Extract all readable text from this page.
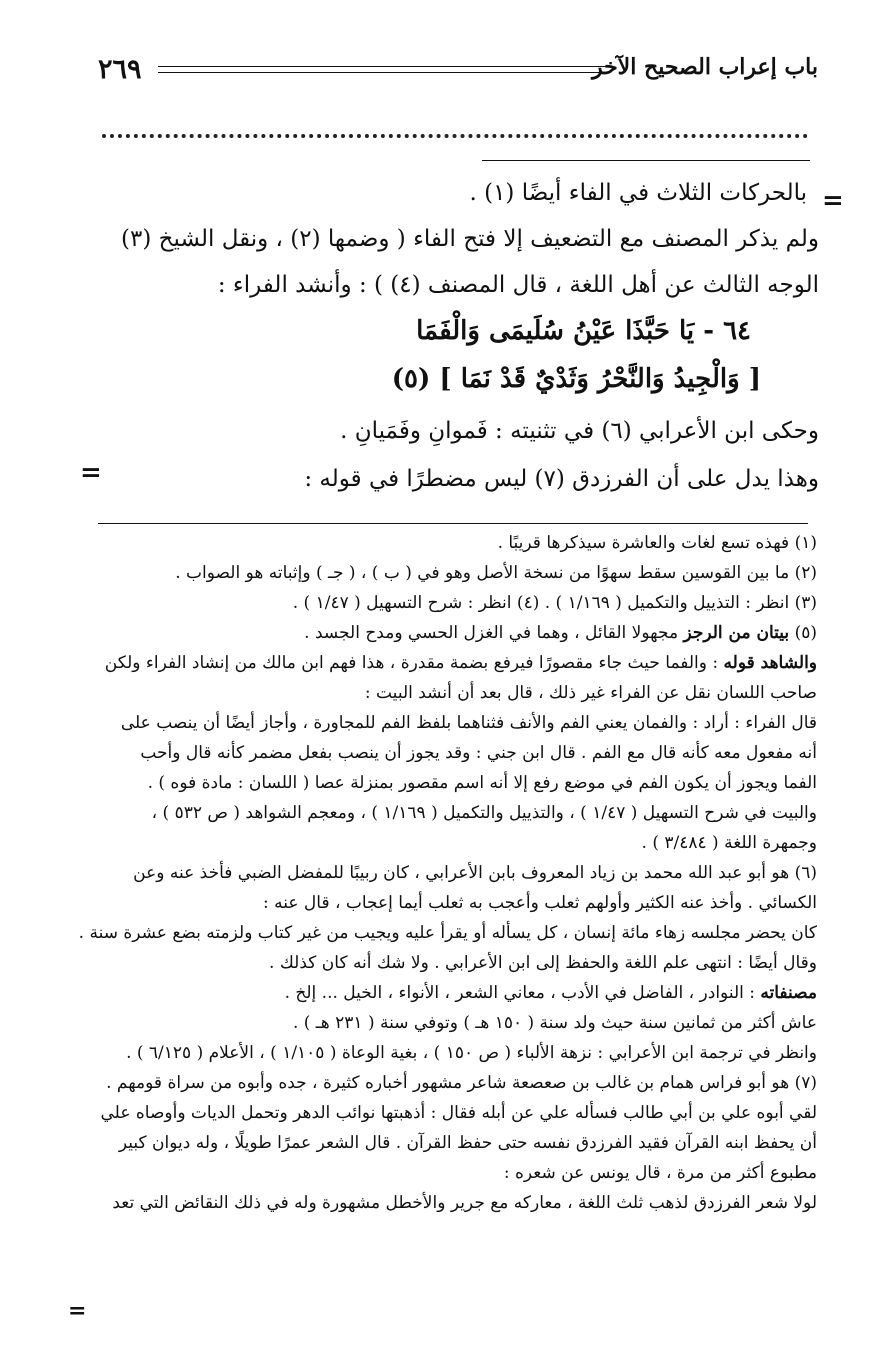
٢٦٩	باب إعراب الصحيح الآخر
=
بالحركات الثلاث في الفاء أيضًا (١) .
ولم يذكر المصنف مع التضعيف إلا فتح الفاء ( وضمها (٢) ، ونقل الشيخ (٣)
الوجه الثالث عن أهل اللغة ، قال المصنف (٤) ) : وأنشد الفراء :
٦٤ - يَا حَبَّذَا عَيْنُ سُلَيمَى وَالْفَمَا
[ وَالْجِيدُ وَالنَّحْرُ وَثَدْيٌ قَدْ نَمَا ] (٥)
وحكى ابن الأعرابي (٦) في تثنيته : فَموانِ وفَمَيانِ .
وهذا يدل على أن الفرزدق (٧) ليس مضطرًا في قوله :
=
(١) فهذه تسع لغات والعاشرة سيذكرها قريبًا .
(٢) ما بين القوسين سقط سهوًا من نسخة الأصل وهو في ( ب ) ، ( جـ ) وإثباته هو الصواب .
(٣) انظر : التذييل والتكميل ( ١/١٦٩ ) . (٤) انظر : شرح التسهيل ( ١/٤٧ ) .
(٥) بيتان من الرجز مجهولا القائل ، وهما في الغزل الحسي ومدح الجسد .
والشاهد قوله : والفما حيث جاء مقصورًا فيرفع بضمة مقدرة ، هذا فهم ابن مالك من إنشاد الفراء ولكن
صاحب اللسان نقل عن الفراء غير ذلك ، قال بعد أن أنشد البيت :
قال الفراء : أراد : والفمان يعني الفم والأنف فثناهما بلفظ الفم للمجاورة ، وأجاز أيضًا أن ينصب على
أنه مفعول معه كأنه قال مع الفم . قال ابن جني : وقد يجوز أن ينصب بفعل مضمر كأنه قال وأحب
الفما ويجوز أن يكون الفم في موضع رفع إلا أنه اسم مقصور بمنزلة عصا ( اللسان : مادة فوه ) .
والبيت في شرح التسهيل ( ١/٤٧ ) ، والتذييل والتكميل ( ١/١٦٩ ) ، ومعجم الشواهد ( ص ٥٣٢ ) ،
وجمهرة اللغة ( ٣/٤٨٤ ) .
(٦) هو أبو عبد الله محمد بن زياد المعروف بابن الأعرابي ، كان ربيبًا للمفضل الضبي فأخذ عنه وعن
الكسائي . وأخذ عنه الكثير وأولهم ثعلب وأعجب به ثعلب أيما إعجاب ، قال عنه :
كان يحضر مجلسه زهاء مائة إنسان ، كل يسأله أو يقرأ عليه ويجيب من غير كتاب ولزمته بضع عشرة سنة .
وقال أيضًا : انتهى علم اللغة والحفظ إلى ابن الأعرابي . ولا شك أنه كان كذلك .
مصنفاته : النوادر ، الفاضل في الأدب ، معاني الشعر ، الأنواء ، الخيل ... إلخ .
عاش أكثر من ثمانين سنة حيث ولد سنة ( ١٥٠ هـ ) وتوفي سنة ( ٢٣١ هـ ) .
وانظر في ترجمة ابن الأعرابي : نزهة الألباء ( ص ١٥٠ ) ، بغية الوعاة ( ١/١٠٥ ) ، الأعلام ( ٦/١٢٥ ) .
(٧) هو أبو فراس همام بن غالب بن صعصعة شاعر مشهور أخباره كثيرة ، جده وأبوه من سراة قومهم .
لقي أبوه علي بن أبي طالب فسأله علي عن أبله فقال : أذهبتها نوائب الدهر وتحمل الديات وأوصاه علي
أن يحفظ ابنه القرآن فقيد الفرزدق نفسه حتى حفظ القرآن . قال الشعر عمرًا طويلًا ، وله ديوان كبير
مطبوع أكثر من مرة ، قال يونس عن شعره :
لولا شعر الفرزدق لذهب ثلث اللغة ، معاركه مع جرير والأخطل مشهورة وله في ذلك النقائض التي تعد
=
